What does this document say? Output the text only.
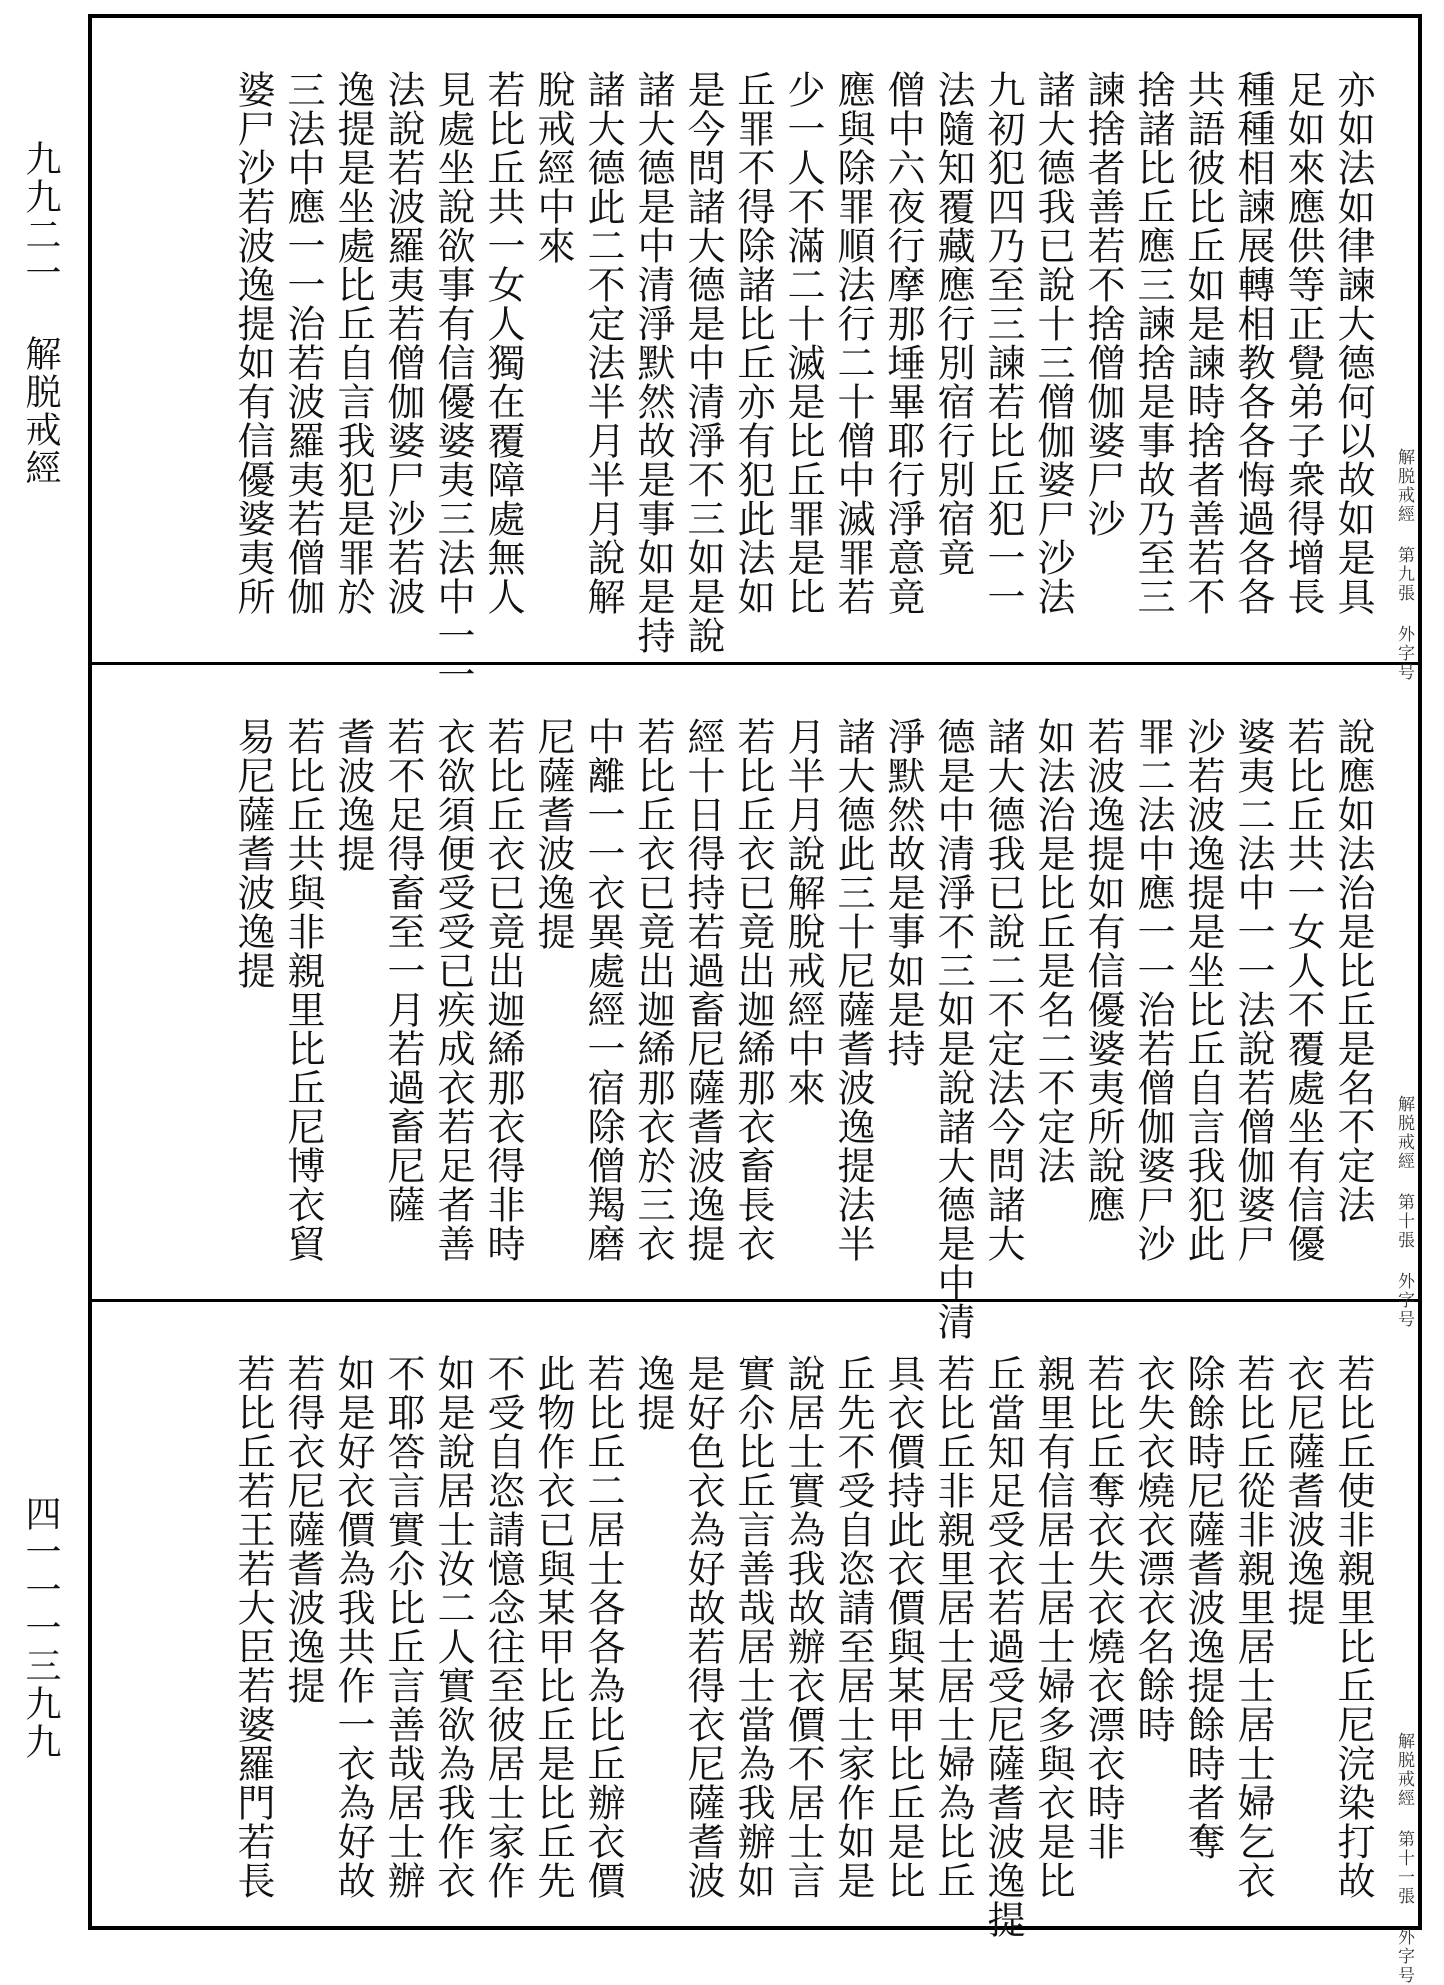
九九二一 解脱戒經
四一一一三九九
解脱戒經 第九張 外字号
亦如法如律諫大德何以故如是具
足如來應供等正覺弟子衆得增長
種種相諫展轉相教各各悔過各各
共語彼比丘如是諫時捨者善若不
捨諸比丘應三諫捨是事故乃至三
諫捨者善若不捨僧伽婆尸沙
諸大德我已說十三僧伽婆尸沙法
九初犯四乃至三諫若比丘犯一一
法隨知覆藏應行別宿行別宿竟
僧中六夜行摩那埵畢耶行淨意竟
應與除罪順法行二十僧中滅罪若
少一人不滿二十滅是比丘罪是比
丘罪不得除諸比丘亦有犯此法如
是今問諸大德是中清淨不三如是說
諸大德是中清淨默然故是事如是持
諸大德此二不定法半月半月說解
脫戒經中來
若比丘共一女人獨在覆障處無人
見處坐說欲事有信優婆夷三法中一一
法說若波羅夷若僧伽婆尸沙若波
逸提是坐處比丘自言我犯是罪於
三法中應一一治若波羅夷若僧伽
婆尸沙若波逸提如有信優婆夷所
解脱戒經 第十張 外字号
說應如法治是比丘是名不定法
若比丘共一女人不覆處坐有信優
婆夷二法中一一法說若僧伽婆尸
沙若波逸提是坐比丘自言我犯此
罪二法中應一一治若僧伽婆尸沙
若波逸提如有信優婆夷所說應
如法治是比丘是名二不定法
諸大德我已說二不定法今問諸大
德是中清淨不三如是說諸大德是中清
淨默然故是事如是持
諸大德此三十尼薩耆波逸提法半
月半月說解脫戒經中來
若比丘衣已竟出迦絺那衣畜長衣
經十日得持若過畜尼薩耆波逸提
若比丘衣已竟出迦絺那衣於三衣
中離一一衣異處經一宿除僧羯磨
尼薩耆波逸提
若比丘衣已竟出迦絺那衣得非時
衣欲須便受受已疾成衣若足者善
若不足得畜至一月若過畜尼薩
耆波逸提
若比丘共與非親里比丘尼博衣貿
易尼薩耆波逸提
解脱戒經 第十一張 外字号
若比丘使非親里比丘尼浣染打故
衣尼薩耆波逸提
若比丘從非親里居士居士婦乞衣
除餘時尼薩耆波逸提餘時者奪
衣失衣燒衣漂衣名餘時
若比丘奪衣失衣燒衣漂衣時非
親里有信居士居士婦多與衣是比
丘當知足受衣若過受尼薩耆波逸提
若比丘非親里居士居士婦為比丘
具衣價持此衣價與某甲比丘是比
丘先不受自恣請至居士家作如是
說居士實為我故辦衣價不居士言
實尒比丘言善哉居士當為我辦如
是好色衣為好故若得衣尼薩耆波
逸提
若比丘二居士各各為比丘辦衣價
此物作衣已與某甲比丘是比丘先
不受自恣請憶念往至彼居士家作
如是說居士汝二人實欲為我作衣
不耶答言實尒比丘言善哉居士辦
如是好衣價為我共作一衣為好故
若得衣尼薩耆波逸提
若比丘若王若大臣若婆羅門若長
